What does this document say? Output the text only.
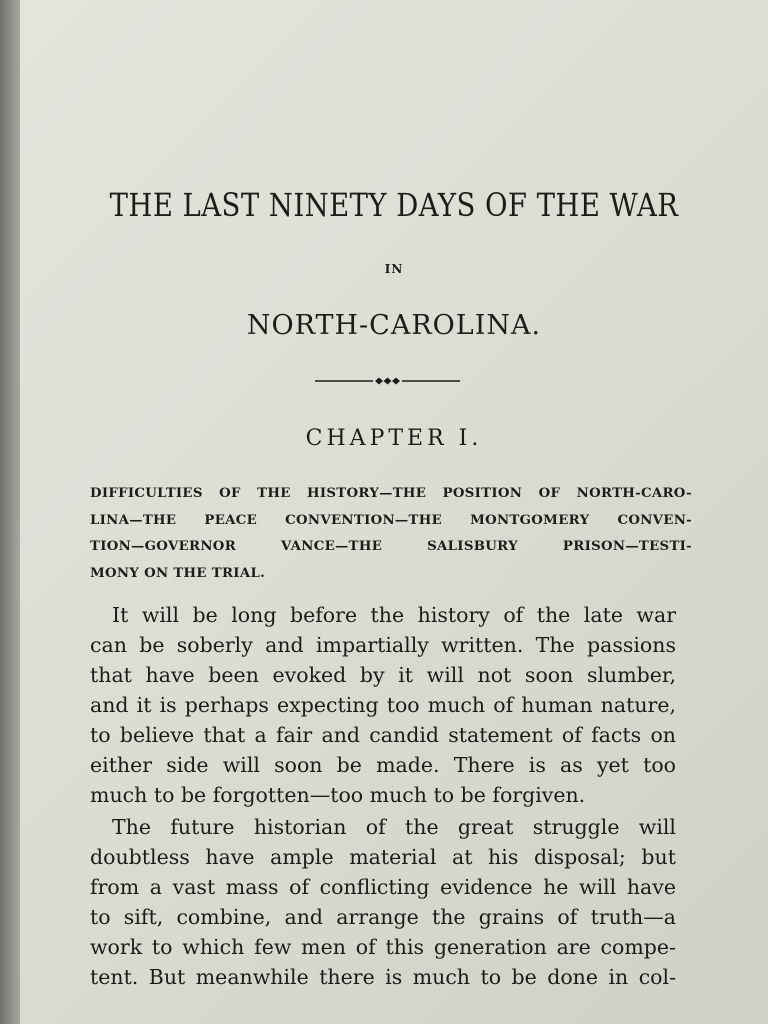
THE LAST NINETY DAYS OF THE WAR
IN
NORTH-CAROLINA.
CHAPTER I.
DIFFICULTIES OF THE HISTORY—THE POSITION OF NORTH-CARO-
LINA—THE PEACE CONVENTION—THE MONTGOMERY CONVEN-
TION—GOVERNOR VANCE—THE SALISBURY PRISON—TESTI-
MONY ON THE TRIAL.
It will be long before the history of the late war
can be soberly and impartially written. The passions
that have been evoked by it will not soon slumber,
and it is perhaps expecting too much of human nature,
to believe that a fair and candid statement of facts on
either side will soon be made. There is as yet too
much to be forgotten—too much to be forgiven.
The future historian of the great struggle will
doubtless have ample material at his disposal; but
from a vast mass of conflicting evidence he will have
to sift, combine, and arrange the grains of truth—a
work to which few men of this generation are compe-
tent. But meanwhile there is much to be done in col-
